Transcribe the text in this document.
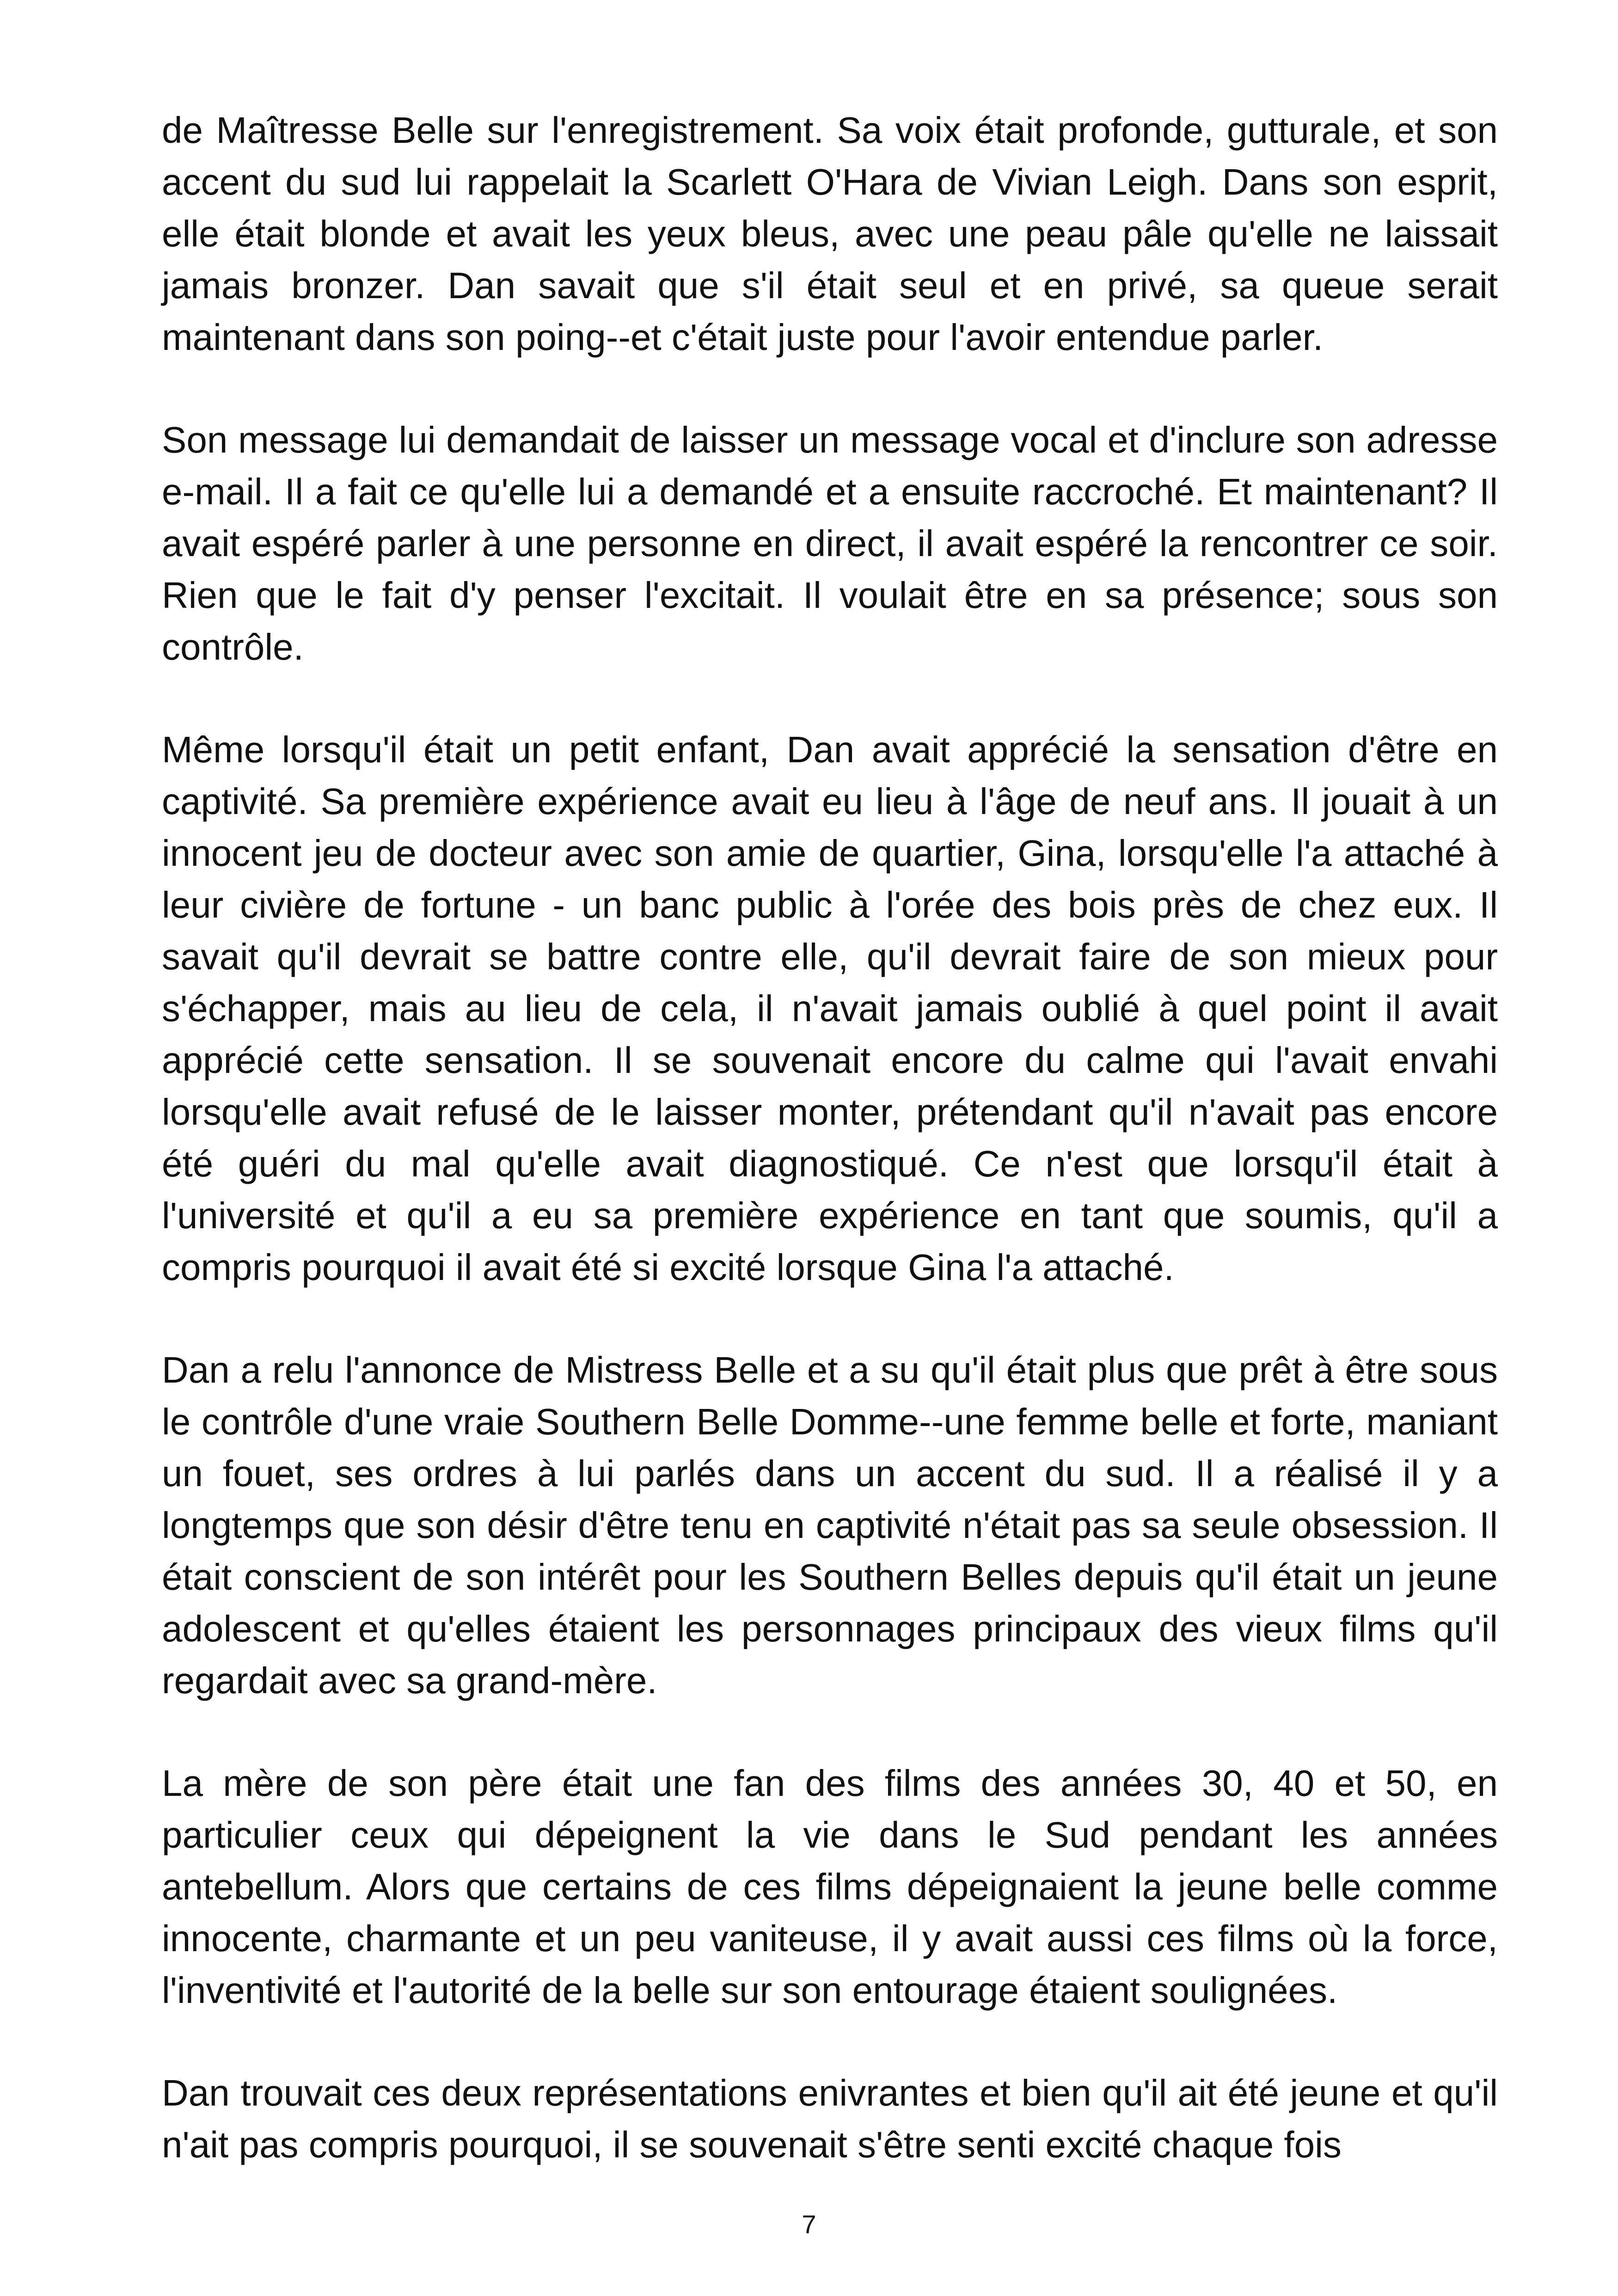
de Maîtresse Belle sur l'enregistrement. Sa voix était profonde, gutturale, et son accent du sud lui rappelait la Scarlett O'Hara de Vivian Leigh. Dans son esprit, elle était blonde et avait les yeux bleus, avec une peau pâle qu'elle ne laissait jamais bronzer. Dan savait que s'il était seul et en privé, sa queue serait maintenant dans son poing--et c'était juste pour l'avoir entendue parler.

Son message lui demandait de laisser un message vocal et d'inclure son adresse e-mail. Il a fait ce qu'elle lui a demandé et a ensuite raccroché. Et maintenant? Il avait espéré parler à une personne en direct, il avait espéré la rencontrer ce soir. Rien que le fait d'y penser l'excitait. Il voulait être en sa présence; sous son contrôle.

Même lorsqu'il était un petit enfant, Dan avait apprécié la sensation d'être en captivité. Sa première expérience avait eu lieu à l'âge de neuf ans. Il jouait à un innocent jeu de docteur avec son amie de quartier, Gina, lorsqu'elle l'a attaché à leur civière de fortune - un banc public à l'orée des bois près de chez eux. Il savait qu'il devrait se battre contre elle, qu'il devrait faire de son mieux pour s'échapper, mais au lieu de cela, il n'avait jamais oublié à quel point il avait apprécié cette sensation. Il se souvenait encore du calme qui l'avait envahi lorsqu'elle avait refusé de le laisser monter, prétendant qu'il n'avait pas encore été guéri du mal qu'elle avait diagnostiqué. Ce n'est que lorsqu'il était à l'université et qu'il a eu sa première expérience en tant que soumis, qu'il a compris pourquoi il avait été si excité lorsque Gina l'a attaché.

Dan a relu l'annonce de Mistress Belle et a su qu'il était plus que prêt à être sous le contrôle d'une vraie Southern Belle Domme--une femme belle et forte, maniant un fouet, ses ordres à lui parlés dans un accent du sud. Il a réalisé il y a longtemps que son désir d'être tenu en captivité n'était pas sa seule obsession. Il était conscient de son intérêt pour les Southern Belles depuis qu'il était un jeune adolescent et qu'elles étaient les personnages principaux des vieux films qu'il regardait avec sa grand-mère.

La mère de son père était une fan des films des années 30, 40 et 50, en particulier ceux qui dépeignent la vie dans le Sud pendant les années antebellum. Alors que certains de ces films dépeignaient la jeune belle comme innocente, charmante et un peu vaniteuse, il y avait aussi ces films où la force, l'inventivité et l'autorité de la belle sur son entourage étaient soulignées.

Dan trouvait ces deux représentations enivrantes et bien qu'il ait été jeune et qu'il n'ait pas compris pourquoi, il se souvenait s'être senti excité chaque fois

7
